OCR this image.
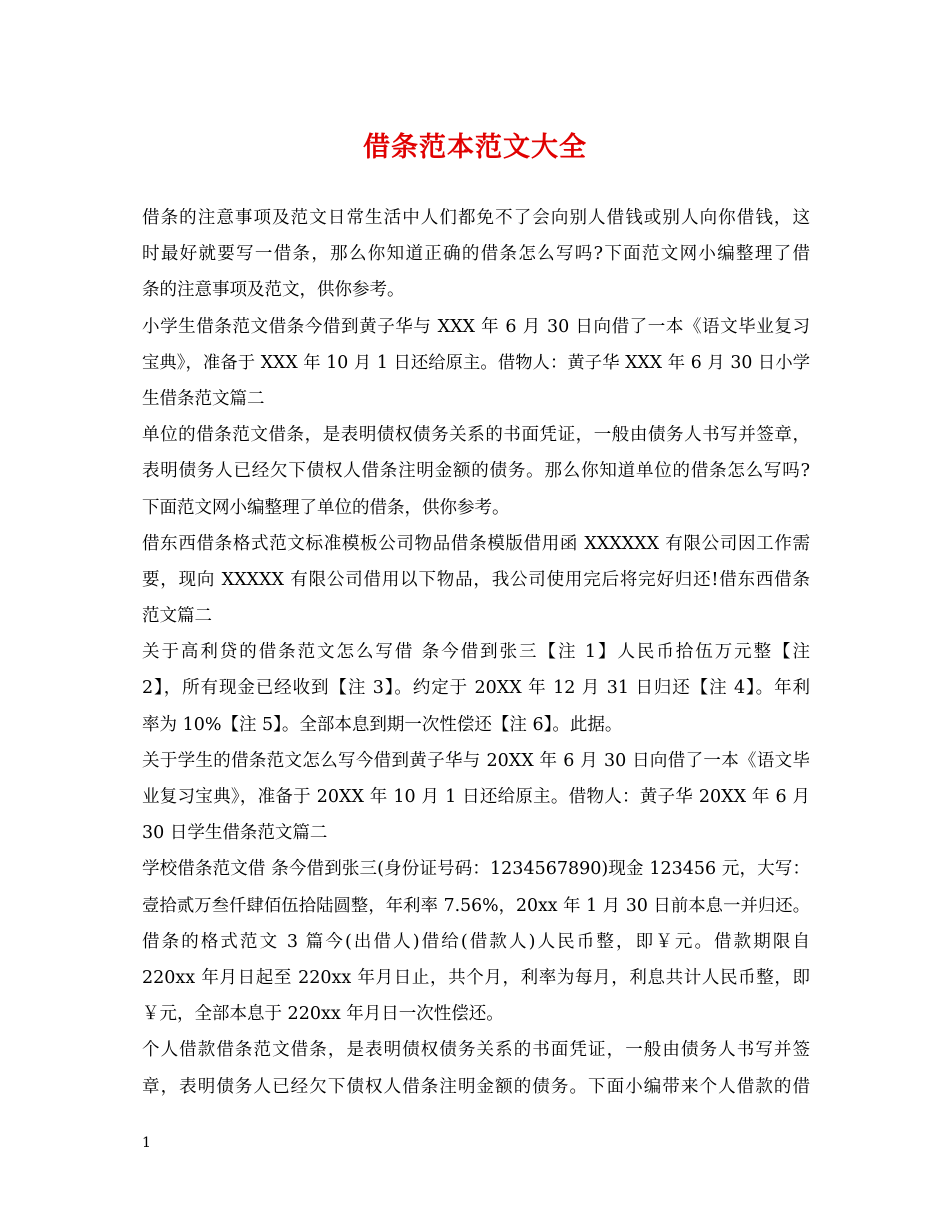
借条范本范文大全
借条的注意事项及范文日常生活中人们都免不了会向别人借钱或别人向你借钱，这
时最好就要写一借条，那么你知道正确的借条怎么写吗?下面范文网小编整理了借
条的注意事项及范文，供你参考。
小学生借条范文借条今借到黄子华与 XXX 年 6 月 30 日向借了一本《语文毕业复习
宝典》，准备于 XXX 年 10 月 1 日还给原主。借物人：黄子华 XXX 年 6 月 30 日小学
生借条范文篇二
单位的借条范文借条，是表明债权债务关系的书面凭证，一般由债务人书写并签章，
表明债务人已经欠下债权人借条注明金额的债务。那么你知道单位的借条怎么写吗?
下面范文网小编整理了单位的借条，供你参考。
借东西借条格式范文标准模板公司物品借条模版借用函 XXXXXX 有限公司因工作需
要，现向 XXXXX 有限公司借用以下物品，我公司使用完后将完好归还!借东西借条
范文篇二
关于高利贷的借条范文怎么写借 条今借到张三【注 1】人民币拾伍万元整【注
2】，所有现金已经收到【注 3】。约定于 20XX 年 12 月 31 日归还【注 4】。年利
率为 10%【注 5】。全部本息到期一次性偿还【注 6】。此据。
关于学生的借条范文怎么写今借到黄子华与 20XX 年 6 月 30 日向借了一本《语文毕
业复习宝典》，准备于 20XX 年 10 月 1 日还给原主。借物人：黄子华 20XX 年 6 月
30 日学生借条范文篇二
学校借条范文借 条今借到张三(身份证号码：1234567890)现金 123456 元，大写：
壹拾贰万叁仟肆佰伍拾陆圆整，年利率 7.56%，20xx 年 1 月 30 日前本息一并归还。
借条的格式范文 3 篇今(出借人)借给(借款人)人民币整，即￥元。借款期限自
220xx 年月日起至 220xx 年月日止，共个月，利率为每月，利息共计人民币整，即
￥元，全部本息于 220xx 年月日一次性偿还。
个人借款借条范文借条，是表明债权债务关系的书面凭证，一般由债务人书写并签
章，表明债务人已经欠下债权人借条注明金额的债务。下面小编带来个人借款的借
1
